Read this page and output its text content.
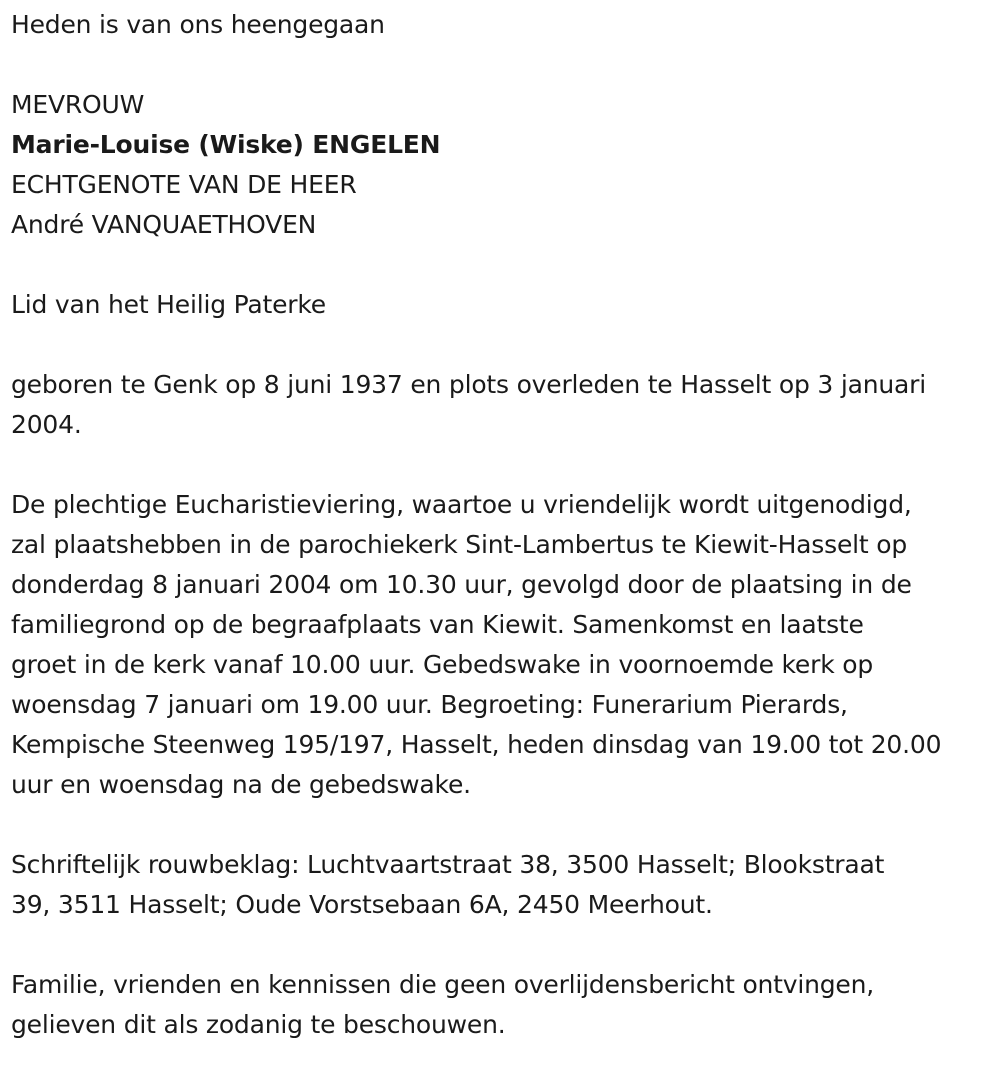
Heden is van ons heengegaan
MEVROUW
Marie-Louise (Wiske) ENGELEN
ECHTGENOTE VAN DE HEER
André VANQUAETHOVEN
Lid van het Heilig Paterke
geboren te Genk op 8 juni 1937 en plots overleden te Hasselt op 3 januari
2004.
De plechtige Eucharistieviering, waartoe u vriendelijk wordt uitgenodigd,
zal plaatshebben in de parochiekerk Sint-Lambertus te Kiewit-Hasselt op
donderdag 8 januari 2004 om 10.30 uur, gevolgd door de plaatsing in de
familiegrond op de begraafplaats van Kiewit. Samenkomst en laatste
groet in de kerk vanaf 10.00 uur. Gebedswake in voornoemde kerk op
woensdag 7 januari om 19.00 uur. Begroeting: Funerarium Pierards,
Kempische Steenweg 195/197, Hasselt, heden dinsdag van 19.00 tot 20.00
uur en woensdag na de gebedswake.
Schriftelijk rouwbeklag: Luchtvaartstraat 38, 3500 Hasselt; Blookstraat
39, 3511 Hasselt; Oude Vorstsebaan 6A, 2450 Meerhout.
Familie, vrienden en kennissen die geen overlijdensbericht ontvingen,
gelieven dit als zodanig te beschouwen.
